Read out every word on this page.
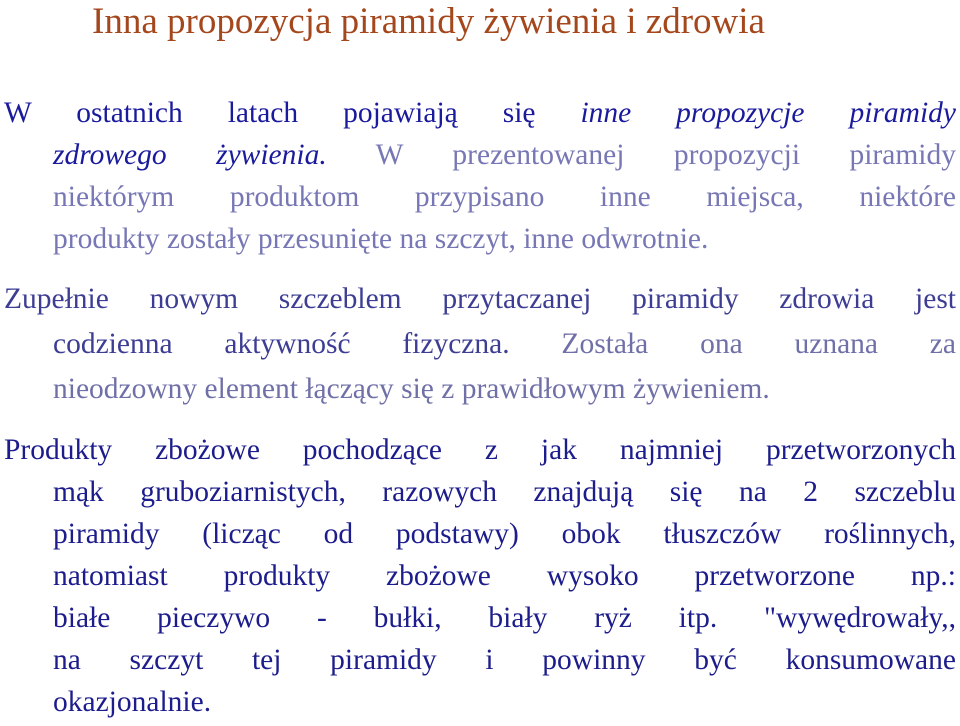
Inna propozycja piramidy żywienia i zdrowia
W ostatnich latach pojawiają się inne propozycje piramidy
zdrowego żywienia. W prezentowanej propozycji piramidy
niektórym produktom przypisano inne miejsca, niektóre
produkty zostały przesunięte na szczyt, inne odwrotnie.
Zupełnie nowym szczeblem przytaczanej piramidy zdrowia jest
codzienna aktywność fizyczna. Została ona uznana za
nieodzowny element łączący się z prawidłowym żywieniem.
Produkty zbożowe pochodzące z jak najmniej przetworzonych
mąk gruboziarnistych, razowych znajdują się na 2 szczeblu
piramidy (licząc od podstawy) obok tłuszczów roślinnych,
natomiast produkty zbożowe wysoko przetworzone np.:
białe pieczywo - bułki, biały ryż itp. "wywędrowały,,
na szczyt tej piramidy i powinny być konsumowane
okazjonalnie.
